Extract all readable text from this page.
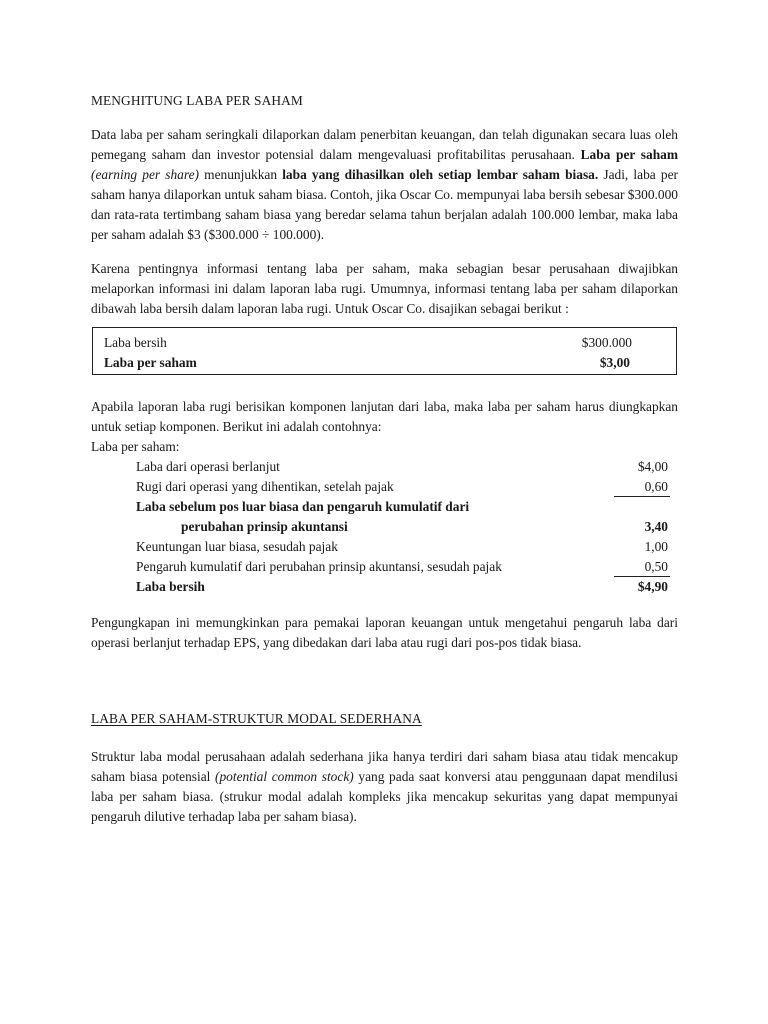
MENGHITUNG LABA PER SAHAM

Data laba per saham seringkali dilaporkan dalam penerbitan keuangan, dan telah digunakan secara luas oleh pemegang saham dan investor potensial dalam mengevaluasi profitabilitas perusahaan. Laba per saham (earning per share) menunjukkan laba yang dihasilkan oleh setiap lembar saham biasa. Jadi, laba per saham hanya dilaporkan untuk saham biasa. Contoh, jika Oscar Co. mempunyai laba bersih sebesar $300.000 dan rata-rata tertimbang saham biasa yang beredar selama tahun berjalan adalah 100.000 lembar, maka laba per saham adalah $3 ($300.000 ÷ 100.000).

Karena pentingnya informasi tentang laba per saham, maka sebagian besar perusahaan diwajibkan melaporkan informasi ini dalam laporan laba rugi. Umumnya, informasi tentang laba per saham dilaporkan dibawah laba bersih dalam laporan laba rugi. Untuk Oscar Co. disajikan sebagai berikut :

Laba bersih	$300.000
Laba per saham	$3,00

Apabila laporan laba rugi berisikan komponen lanjutan dari laba, maka laba per saham harus diungkapkan untuk setiap komponen. Berikut ini adalah contohnya:

Laba per saham:

Laba dari operasi berlanjut	$4,00
Rugi dari operasi yang dihentikan, setelah pajak	0,60
Laba sebelum pos luar biasa dan pengaruh kumulatif dari
perubahan prinsip akuntansi	3,40
Keuntungan luar biasa, sesudah pajak	1,00
Pengaruh kumulatif dari perubahan prinsip akuntansi, sesudah pajak	0,50
Laba bersih	$4,90

Pengungkapan ini memungkinkan para pemakai laporan keuangan untuk mengetahui pengaruh laba dari operasi berlanjut terhadap EPS, yang dibedakan dari laba atau rugi dari pos-pos tidak biasa.

LABA PER SAHAM-STRUKTUR MODAL SEDERHANA

Struktur laba modal perusahaan adalah sederhana jika hanya terdiri dari saham biasa atau tidak mencakup saham biasa potensial (potential common stock) yang pada saat konversi atau penggunaan dapat mendilusi laba per saham biasa. (strukur modal adalah kompleks jika mencakup sekuritas yang dapat mempunyai pengaruh dilutive terhadap laba per saham biasa).
